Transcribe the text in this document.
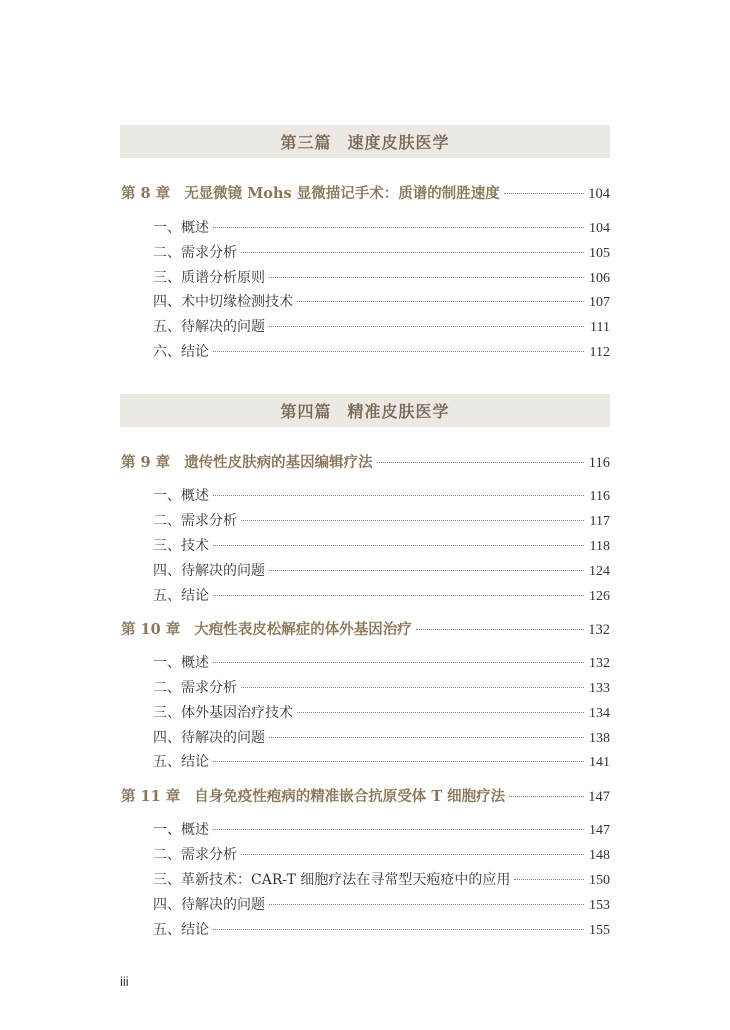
第三篇 速度皮肤医学
第 8 章 无显微镜 Mohs 显微描记手术：质谱的制胜速度	104
一、概述	104
二、需求分析	105
三、质谱分析原则	106
四、术中切缘检测技术	107
五、待解决的问题	111
六、结论	112
第四篇 精准皮肤医学
第 9 章 遗传性皮肤病的基因编辑疗法	116
一、概述	116
二、需求分析	117
三、技术	118
四、待解决的问题	124
五、结论	126
第 10 章 大疱性表皮松解症的体外基因治疗	132
一、概述	132
二、需求分析	133
三、体外基因治疗技术	134
四、待解决的问题	138
五、结论	141
第 11 章 自身免疫性疱病的精准嵌合抗原受体 T 细胞疗法	147
一、概述	147
二、需求分析	148
三、革新技术：CAR-T 细胞疗法在寻常型天疱疮中的应用	150
四、待解决的问题	153
五、结论	155
iii
